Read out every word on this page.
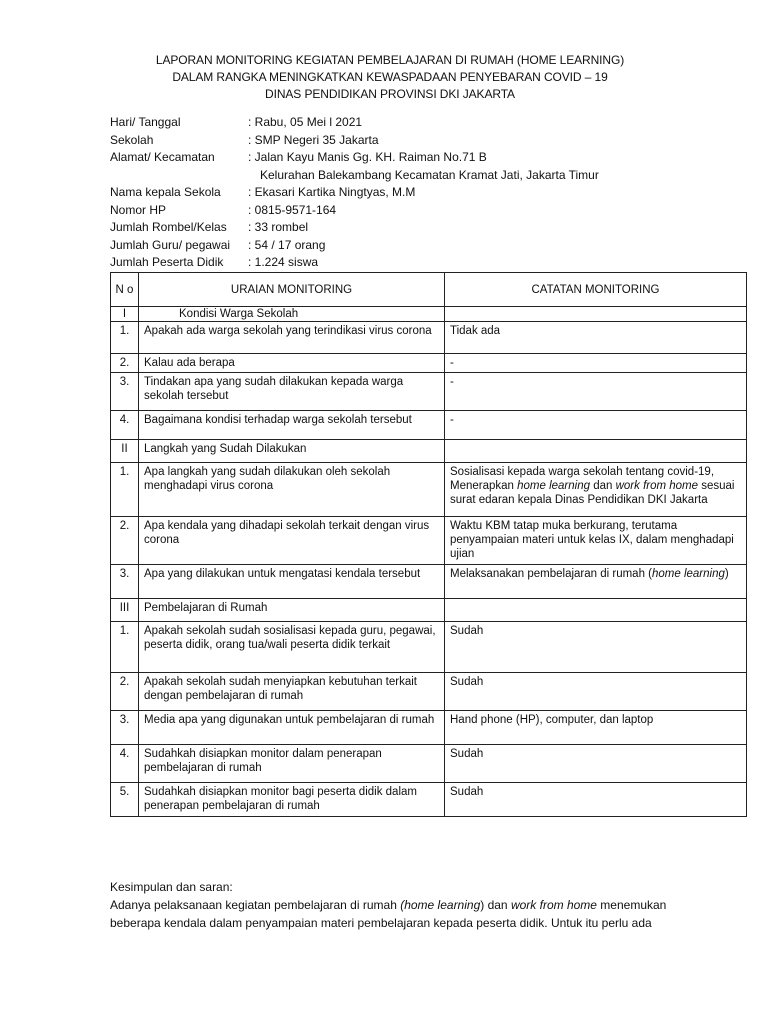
LAPORAN MONITORING KEGIATAN PEMBELAJARAN DI RUMAH (HOME LEARNING)
DALAM RANGKA MENINGKATKAN KEWASPADAAN PENYEBARAN COVID – 19
DINAS PENDIDIKAN PROVINSI DKI JAKARTA
Hari/ Tanggal	: Rabu, 05 Mei l 2021
Sekolah	: SMP Negeri 35 Jakarta
Alamat/ Kecamatan	: Jalan Kayu Manis Gg. KH. Raiman No.71 B
Kelurahan Balekambang Kecamatan Kramat Jati, Jakarta Timur
Nama kepala Sekola : Ekasari Kartika Ningtyas, M.M
Nomor HP	: 0815-9571-164
Jumlah Rombel/Kelas : 33 rombel
Jumlah Guru/ pegawai : 54 / 17 orang
Jumlah Peserta Didik : 1.224 siswa
N o	URAIAN MONITORING	CATATAN MONITORING
I	Kondisi Warga Sekolah	
1.	Apakah ada warga sekolah yang terindikasi virus corona	Tidak ada
2.	Kalau ada berapa	-
3.	Tindakan apa yang sudah dilakukan kepada warga sekolah tersebut	-
4.	Bagaimana kondisi terhadap warga sekolah tersebut	-
II	Langkah yang Sudah Dilakukan	
1.	Apa langkah yang sudah dilakukan oleh sekolah menghadapi virus corona	Sosialisasi kepada warga sekolah tentang covid-19, Menerapkan home learning dan work from home sesuai surat edaran kepala Dinas Pendidikan DKI Jakarta
2.	Apa kendala yang dihadapi sekolah terkait dengan virus corona	Waktu KBM tatap muka berkurang, terutama penyampaian materi untuk kelas IX, dalam menghadapi ujian
3.	Apa yang dilakukan untuk mengatasi kendala tersebut	Melaksanakan pembelajaran di rumah (home learning)
III	Pembelajaran di Rumah	
1.	Apakah sekolah sudah sosialisasi kepada guru, pegawai, peserta didik, orang tua/wali peserta didik terkait	Sudah
2.	Apakah sekolah sudah menyiapkan kebutuhan terkait dengan pembelajaran di rumah	Sudah
3.	Media apa yang digunakan untuk pembelajaran di rumah	Hand phone (HP), computer, dan laptop
4.	Sudahkah disiapkan monitor dalam penerapan pembelajaran di rumah	Sudah
5.	Sudahkah disiapkan monitor bagi peserta didik dalam penerapan pembelajaran di rumah	Sudah
Kesimpulan dan saran:
Adanya pelaksanaan kegiatan pembelajaran di rumah (home learning) dan work from home menemukan
beberapa kendala dalam penyampaian materi pembelajaran kepada peserta didik. Untuk itu perlu ada
